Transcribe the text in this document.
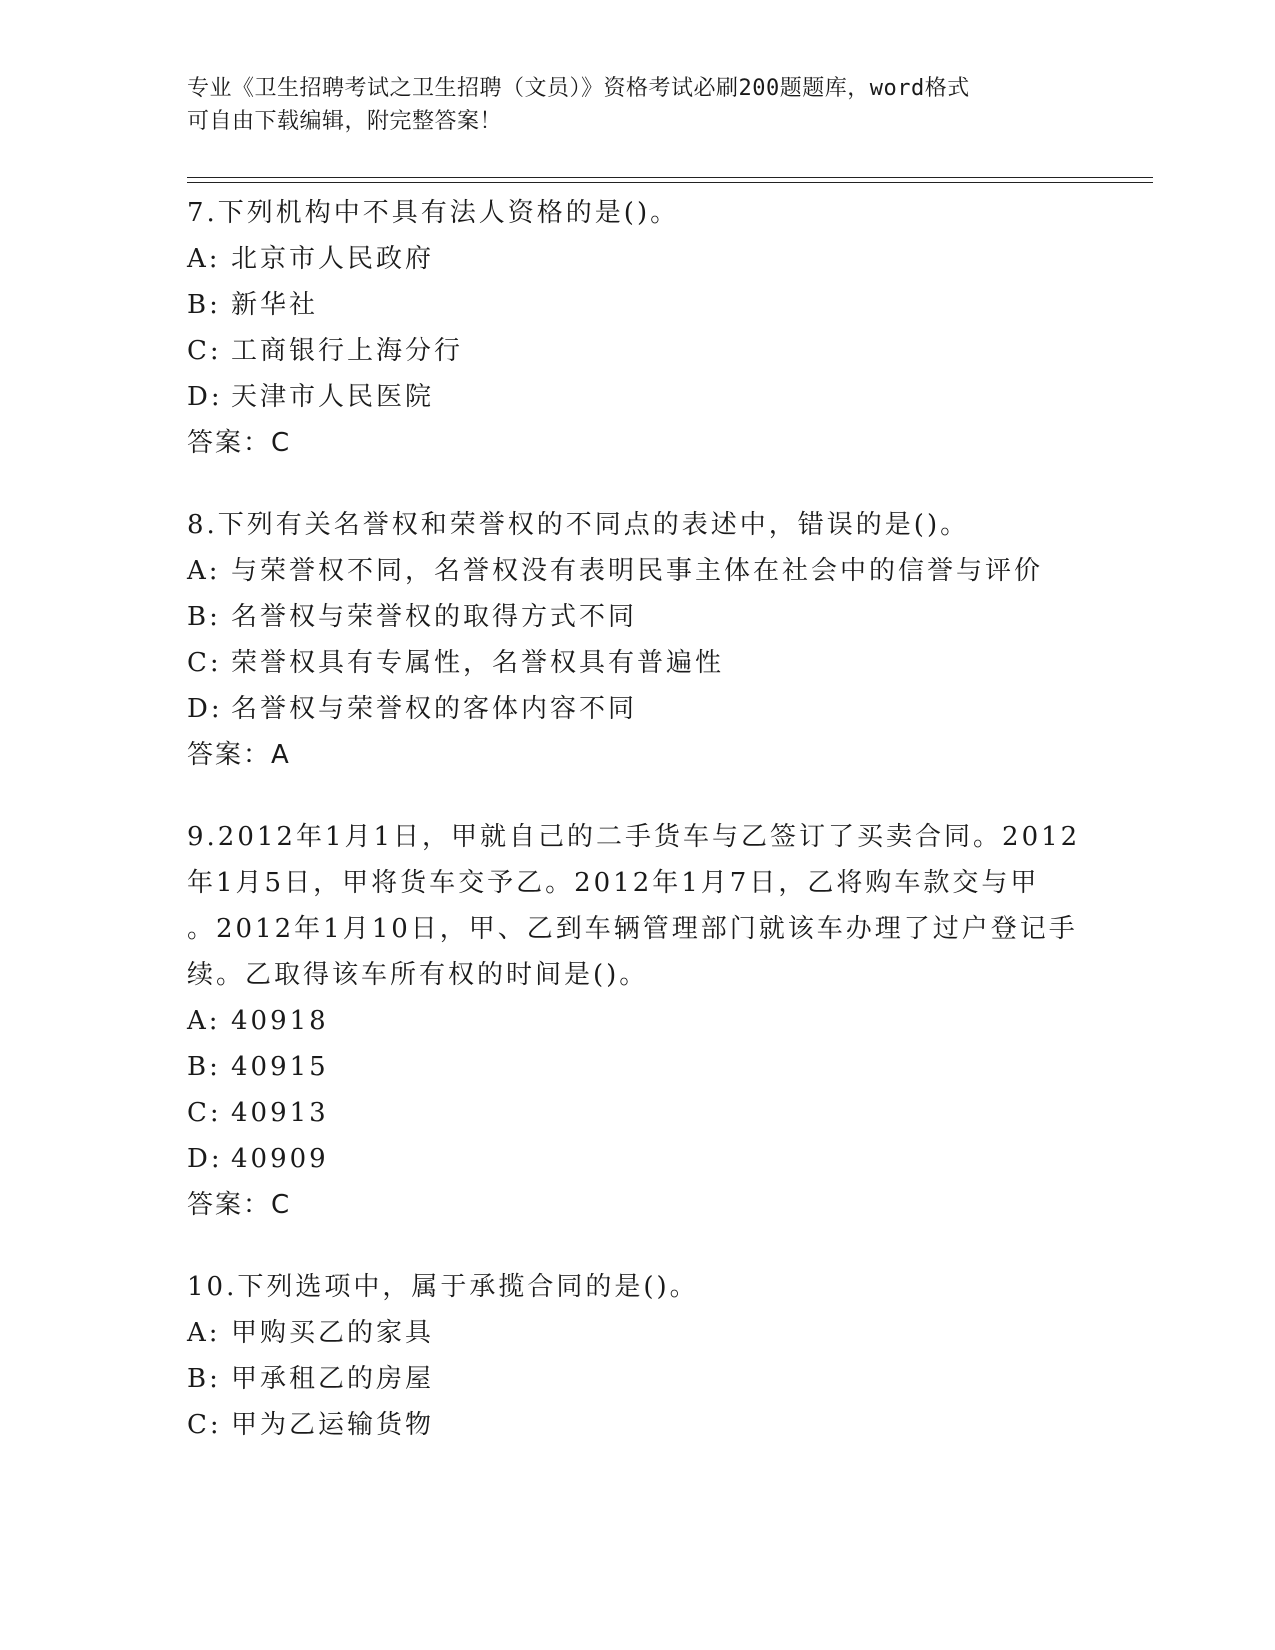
专业《卫生招聘考试之卫生招聘（文员）》资格考试必刷200题题库，word格式
可自由下载编辑，附完整答案！
7.下列机构中不具有法人资格的是()。
A: 北京市人民政府
B: 新华社
C: 工商银行上海分行
D: 天津市人民医院
答案：C
8.下列有关名誉权和荣誉权的不同点的表述中，错误的是()。
A: 与荣誉权不同，名誉权没有表明民事主体在社会中的信誉与评价
B: 名誉权与荣誉权的取得方式不同
C: 荣誉权具有专属性，名誉权具有普遍性
D: 名誉权与荣誉权的客体内容不同
答案：A
9.2012年1月1日，甲就自己的二手货车与乙签订了买卖合同。2012
年1月5日，甲将货车交予乙。2012年1月7日，乙将购车款交与甲
。2012年1月10日，甲、乙到车辆管理部门就该车办理了过户登记手
续。乙取得该车所有权的时间是()。
A: 40918
B: 40915
C: 40913
D: 40909
答案：C
10.下列选项中，属于承揽合同的是()。
A: 甲购买乙的家具
B: 甲承租乙的房屋
C: 甲为乙运输货物
